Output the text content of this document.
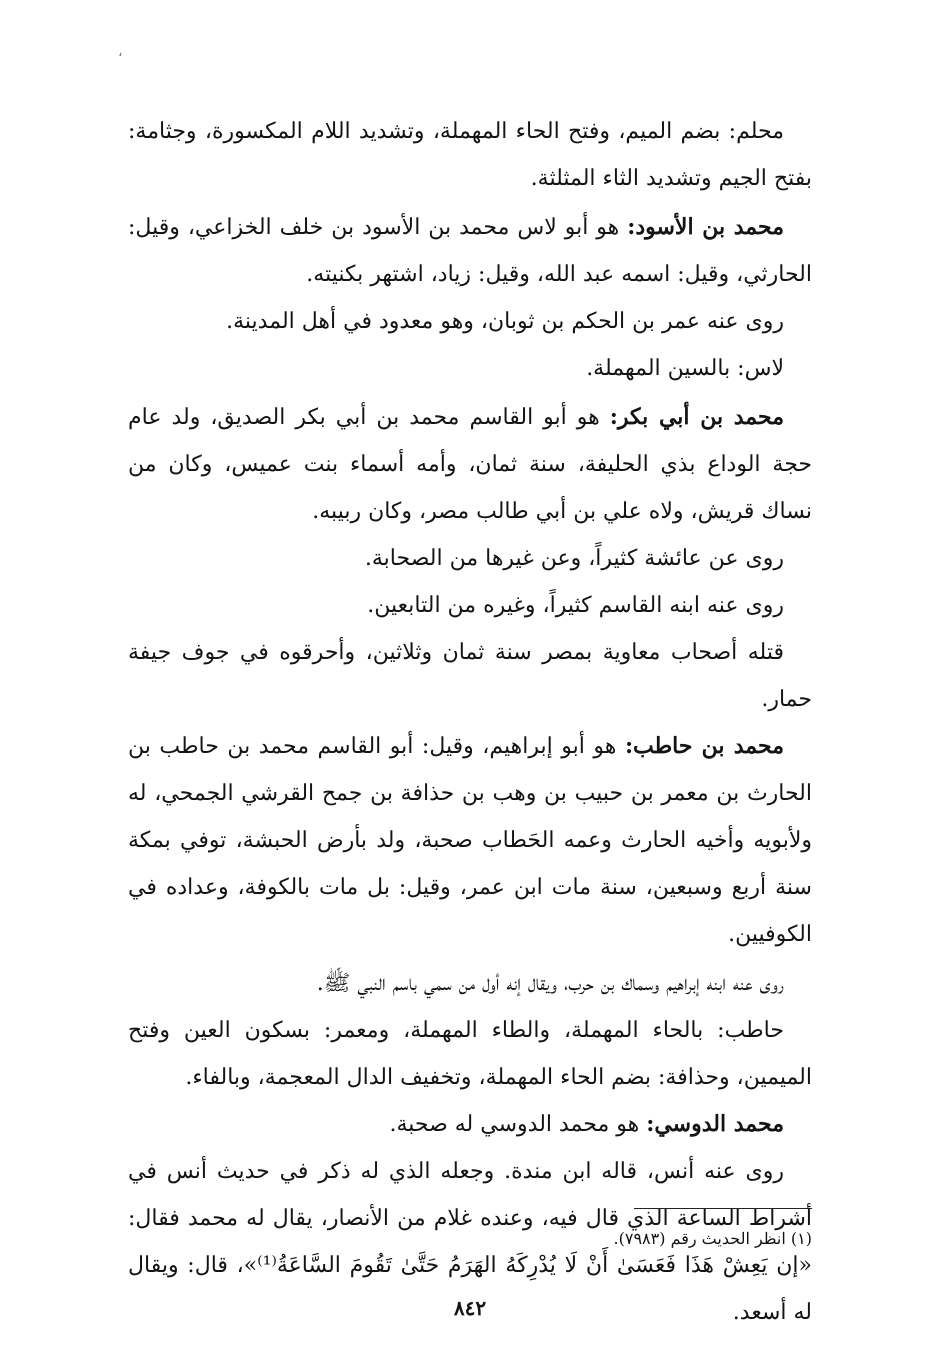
،

محلم: بضم الميم، وفتح الحاء المهملة، وتشديد اللام المكسورة، وجثامة: بفتح الجيم وتشديد الثاء المثلثة.

محمد بن الأسود: هو أبو لاس محمد بن الأسود بن خلف الخزاعي، وقيل: الحارثي، وقيل: اسمه عبد الله، وقيل: زياد، اشتهر بكنيته.

روى عنه عمر بن الحكم بن ثوبان، وهو معدود في أهل المدينة.

لاس: بالسين المهملة.

محمد بن أبي بكر: هو أبو القاسم محمد بن أبي بكر الصديق، ولد عام حجة الوداع بذي الحليفة، سنة ثمان، وأمه أسماء بنت عميس، وكان من نساك قريش، ولاه علي بن أبي طالب مصر، وكان ربيبه.

روى عن عائشة كثيراً، وعن غيرها من الصحابة.

روى عنه ابنه القاسم كثيراً، وغيره من التابعين.

قتله أصحاب معاوية بمصر سنة ثمان وثلاثين، وأحرقوه في جوف جيفة حمار.

محمد بن حاطب: هو أبو إبراهيم، وقيل: أبو القاسم محمد بن حاطب بن الحارث بن معمر بن حبيب بن وهب بن حذافة بن جمح القرشي الجمحي، له ولأبويه وأخيه الحارث وعمه الحَطاب صحبة، ولد بأرض الحبشة، توفي بمكة سنة أربع وسبعين، سنة مات ابن عمر، وقيل: بل مات بالكوفة، وعداده في الكوفيين.

روى عنه ابنه إبراهيم وسماك بن حرب، ويقال إنه أول من سمي باسم النبي ﷺ.

حاطب: بالحاء المهملة، والطاء المهملة، ومعمر: بسكون العين وفتح الميمين، وحذافة: بضم الحاء المهملة، وتخفيف الدال المعجمة، وبالفاء.

محمد الدوسي: هو محمد الدوسي له صحبة.

روى عنه أنس، قاله ابن مندة. وجعله الذي له ذكر في حديث أنس في أشراط الساعة الذي قال فيه، وعنده غلام من الأنصار، يقال له محمد فقال: «إن يَعِشْ هَذَا فَعَسَىٰ أَنْ لَا يُدْرِكَهُ الهَرَمُ حَتَّىٰ تَقُومَ السَّاعَةُ⁽¹⁾»، قال: ويقال له أسعد.

(١) انظر الحديث رقم (٧٩٨٣).
٨٤٢
